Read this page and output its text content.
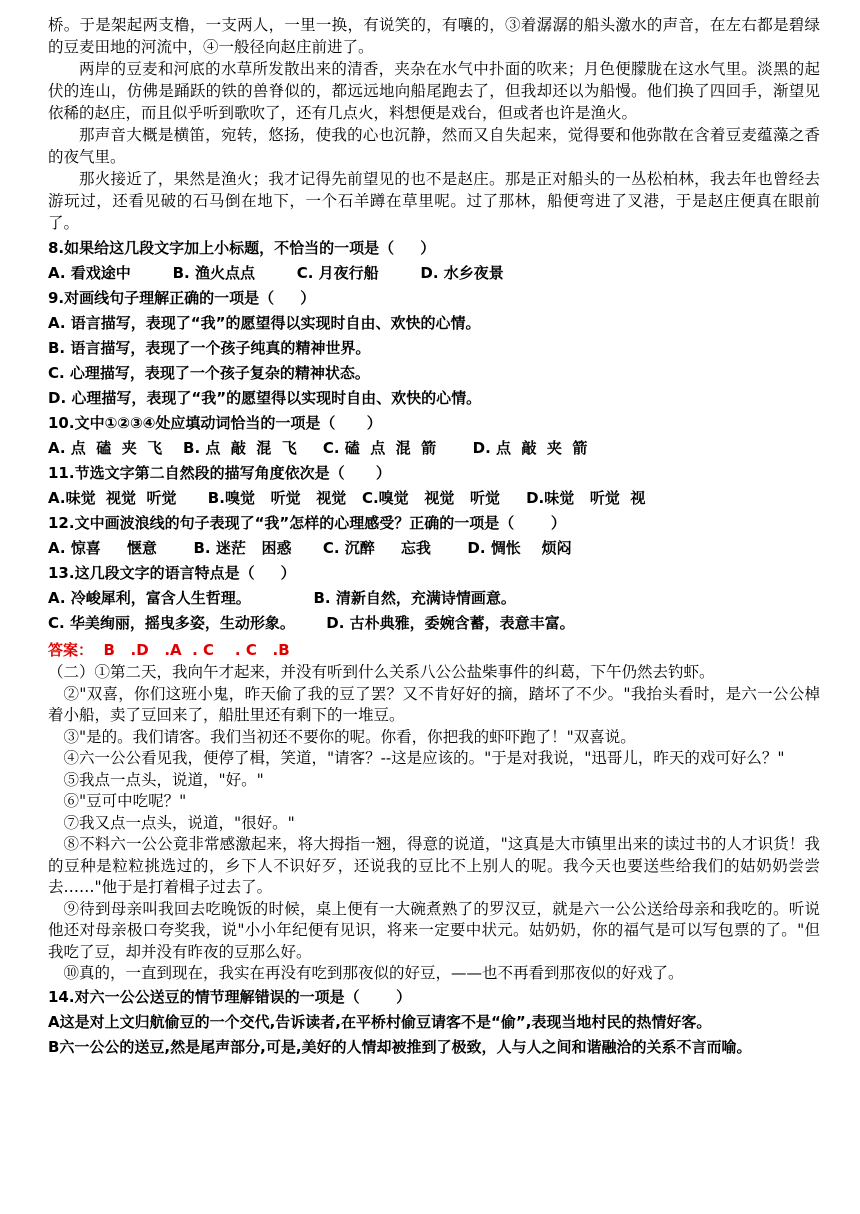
桥。于是架起两支橹，一支两人，一里一换，有说笑的，有嚷的，③着潺潺的船头激水的声音，在左右都是碧绿的豆麦田地的河流中，④一般径向赵庄前进了。

两岸的豆麦和河底的水草所发散出来的清香，夹杂在水气中扑面的吹来；月色便朦胧在这水气里。淡黑的起伏的连山，仿佛是踊跃的铁的兽脊似的，都远远地向船尾跑去了，但我却还以为船慢。他们换了四回手，渐望见依稀的赵庄，而且似乎听到歌吹了，还有几点火，料想便是戏台，但或者也许是渔火。

那声音大概是横笛，宛转，悠扬，使我的心也沉静，然而又自失起来，觉得要和他弥散在含着豆麦蕴藻之香的夜气里。

那火接近了，果然是渔火；我才记得先前望见的也不是赵庄。那是正对船头的一丛松柏林，我去年也曾经去游玩过，还看见破的石马倒在地下，一个石羊蹲在草里呢。过了那林，船便弯进了叉港，于是赵庄便真在眼前了。

8.如果给这几段文字加上小标题，不恰当的一项是（     ）

A. 看戏途中        B. 渔火点点        C. 月夜行船        D. 水乡夜景

9.对画线句子理解正确的一项是（     ）

A. 语言描写，表现了“我”的愿望得以实现时自由、欢快的心情。

B. 语言描写，表现了一个孩子纯真的精神世界。

C. 心理描写，表现了一个孩子复杂的精神状态。

D. 心理描写，表现了“我”的愿望得以实现时自由、欢快的心情。

10.文中①②③④处应填动词恰当的一项是（      ）

A. 点  磕  夹  飞    B. 点  敲  混  飞     C. 磕  点  混  箭       D. 点  敲  夹  箭

11.节选文字第二自然段的描写角度依次是（      ）

A.味觉  视觉  听觉      B.嗅觉   听觉   视觉   C.嗅觉   视觉   听觉     D.味觉   听觉  视

12.文中画波浪线的句子表现了“我”怎样的心理感受？正确的一项是（       ）

A. 惊喜     惬意       B. 迷茫   困惑      C. 沉醉     忘我       D. 惆怅    烦闷

13.这几段文字的语言特点是（     ）

A. 冷峻犀利，富含人生哲理。            B. 清新自然，充满诗情画意。

C. 华美绚丽，摇曳多姿，生动形象。      D. 古朴典雅，委婉含蓄，表意丰富。

答案：  B   .D   .A  . C    . C   .B

（二）①第二天，我向午才起来，并没有听到什么关系八公公盐柴事件的纠葛，下午仍然去钓虾。

②"双喜，你们这班小鬼，昨天偷了我的豆了罢？又不肯好好的摘，踏坏了不少。"我抬头看时，是六一公公棹着小船，卖了豆回来了，船肚里还有剩下的一堆豆。

③"是的。我们请客。我们当初还不要你的呢。你看，你把我的虾吓跑了！"双喜说。

④六一公公看见我，便停了楫，笑道，"请客？--这是应该的。"于是对我说，"迅哥儿，昨天的戏可好么？"

⑤我点一点头，说道，"好。"

⑥"豆可中吃呢？"

⑦我又点一点头，说道，"很好。"

⑧不料六一公公竟非常感激起来，将大拇指一翘，得意的说道，"这真是大市镇里出来的读过书的人才识货！我的豆种是粒粒挑选过的，乡下人不识好歹，还说我的豆比不上别人的呢。我今天也要送些给我们的姑奶奶尝尝去……"他于是打着楫子过去了。

⑨待到母亲叫我回去吃晚饭的时候，桌上便有一大碗煮熟了的罗汉豆，就是六一公公送给母亲和我吃的。听说他还对母亲极口夸奖我，说"小小年纪便有见识，将来一定要中状元。姑奶奶，你的福气是可以写包票的了。"但我吃了豆，却并没有昨夜的豆那么好。

⑩真的，一直到现在，我实在再没有吃到那夜似的好豆，——也不再看到那夜似的好戏了。

14.对六一公公送豆的情节理解错误的一项是（       ）

A这是对上文归航偷豆的一个交代,告诉读者,在平桥村偷豆请客不是“偷”,表现当地村民的热情好客。

B六一公公的送豆,然是尾声部分,可是,美好的人情却被推到了极致，人与人之间和谐融洽的关系不言而喻。
